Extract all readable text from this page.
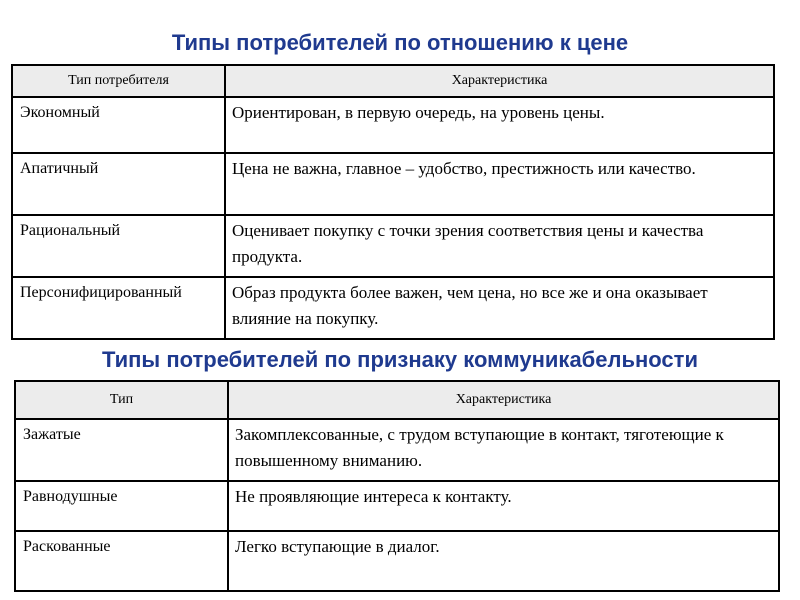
Типы потребителей по отношению к цене
Тип потребителя	Характеристика
Экономный	Ориентирован, в первую очередь, на уровень цены.
Апатичный	Цена не важна, главное – удобство, престижность или качество.
Рациональный	Оценивает покупку с точки зрения соответствия цены и качества продукта.
Персонифицированный	Образ продукта более важен, чем цена, но все же и она оказывает влияние на покупку.
Типы потребителей по признаку коммуникабельности
Тип	Характеристика
Зажатые	Закомплексованные, с трудом вступающие в контакт, тяготеющие к повышенному вниманию.
Равнодушные	Не проявляющие интереса к контакту.
Раскованные	Легко вступающие в диалог.
